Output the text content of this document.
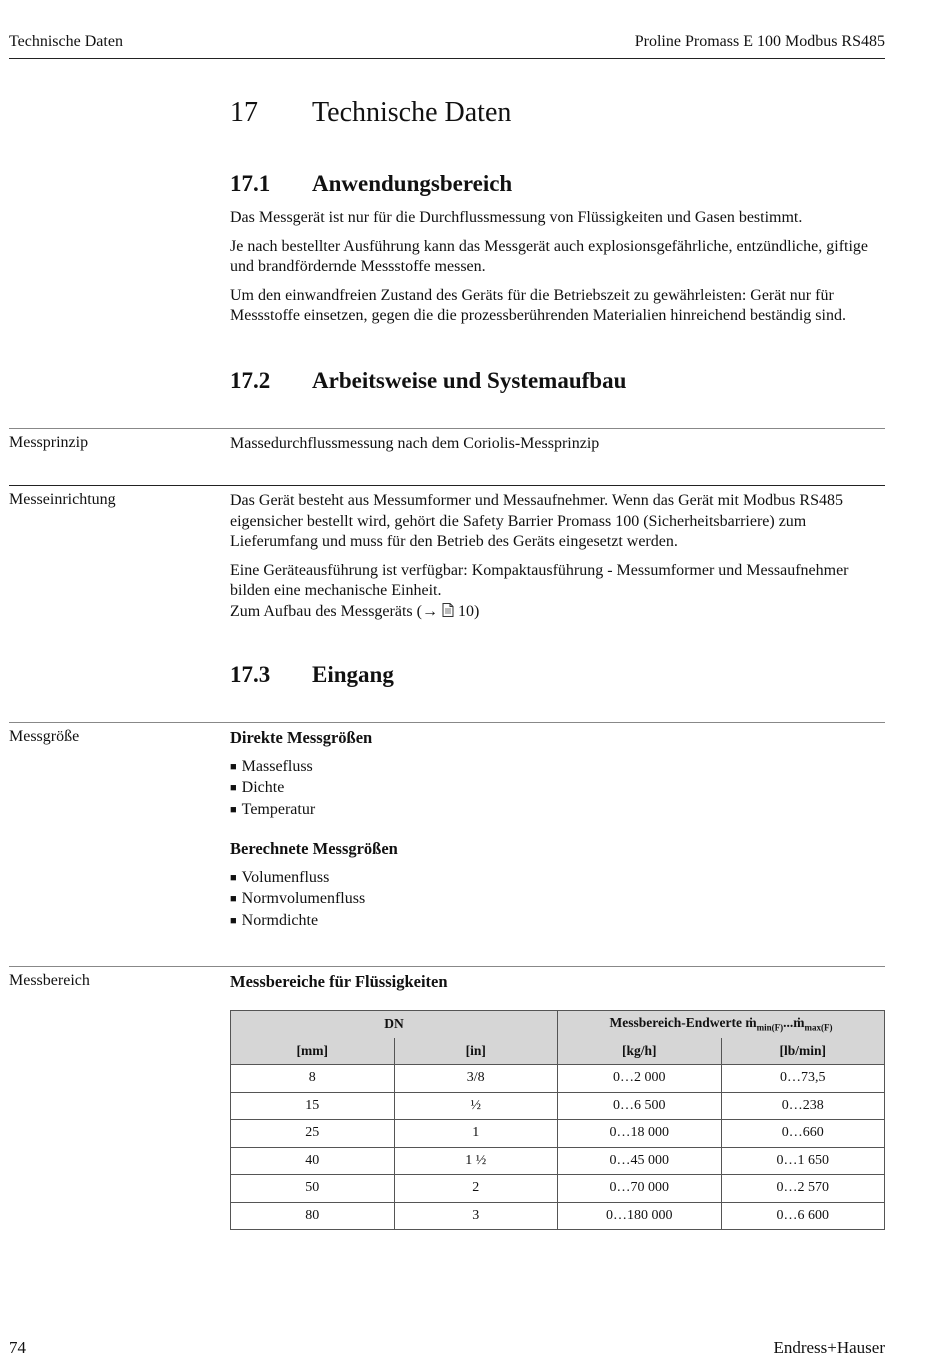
Technische Daten	Proline Promass E 100 Modbus RS485
17 Technische Daten
17.1 Anwendungsbereich

Das Messgerät ist nur für die Durchflussmessung von Flüssigkeiten und Gasen bestimmt.

Je nach bestellter Ausführung kann das Messgerät auch explosionsgefährliche, entzündliche, giftige und brandfördernde Messstoffe messen.

Um den einwandfreien Zustand des Geräts für die Betriebszeit zu gewährleisten: Gerät nur für Messstoffe einsetzen, gegen die die prozessberührenden Materialien hinreichend beständig sind.

17.2 Arbeitsweise und Systemaufbau
Messprinzip	Massedurchflussmessung nach dem Coriolis-Messprinzip
Messeinrichtung	Das Gerät besteht aus Messumformer und Messaufnehmer. Wenn das Gerät mit Modbus RS485 eigensicher bestellt wird, gehört die Safety Barrier Promass 100 (Sicherheitsbarriere) zum Lieferumfang und muss für den Betrieb des Geräts eingesetzt werden.

Eine Geräteausführung ist verfügbar: Kompaktausführung - Messumformer und Messaufnehmer bilden eine mechanische Einheit.

Zum Aufbau des Messgeräts (→  10)

17.3 Eingang
Messgröße	Direkte Messgrößen
■ Massefluss
■ Dichte
■ Temperatur
Berechnete Messgrößen
■ Volumenfluss
■ Normvolumenfluss
■ Normdichte
Messbereich	Messbereiche für Flüssigkeiten
DN		Messbereich-Endwerte ṁ$_{min(F)}$...ṁ$_{max(F)}$
[mm]	[in]	[kg/h]	[lb/min]
8	3/8	0…2 000	0…73,5
15	½	0…6 500	0…238
25	1	0…18 000	0…660
40	1 ½	0…45 000	0…1 650
50	2	0…70 000	0…2 570
80	3	0…180 000	0…6 600
74	Endress+Hauser
